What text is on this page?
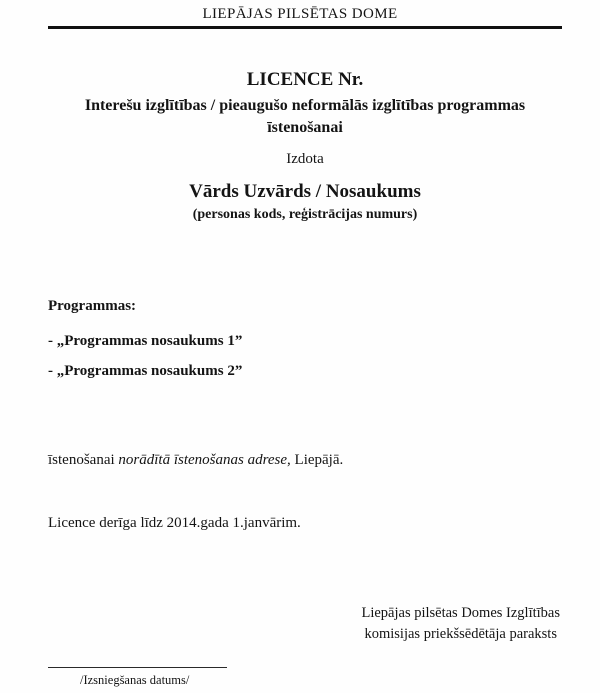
LIEPĀJAS PILSĒTAS DOME
LICENCE Nr.
Interešu izglītības / pieaugušo neformālās izglītības programmas
īstenošanai
Izdota
Vārds Uzvārds / Nosaukums
(personas kods, reģistrācijas numurs)
Programmas:
- „Programmas nosaukums 1”
- „Programmas nosaukums 2”
īstenošanai norādītā īstenošanas adrese, Liepājā.
Licence derīga līdz 2014.gada 1.janvārim.
Liepājas pilsētas Domes Izglītības
komisijas priekšsēdētāja paraksts
/Izsniegšanas datums/
